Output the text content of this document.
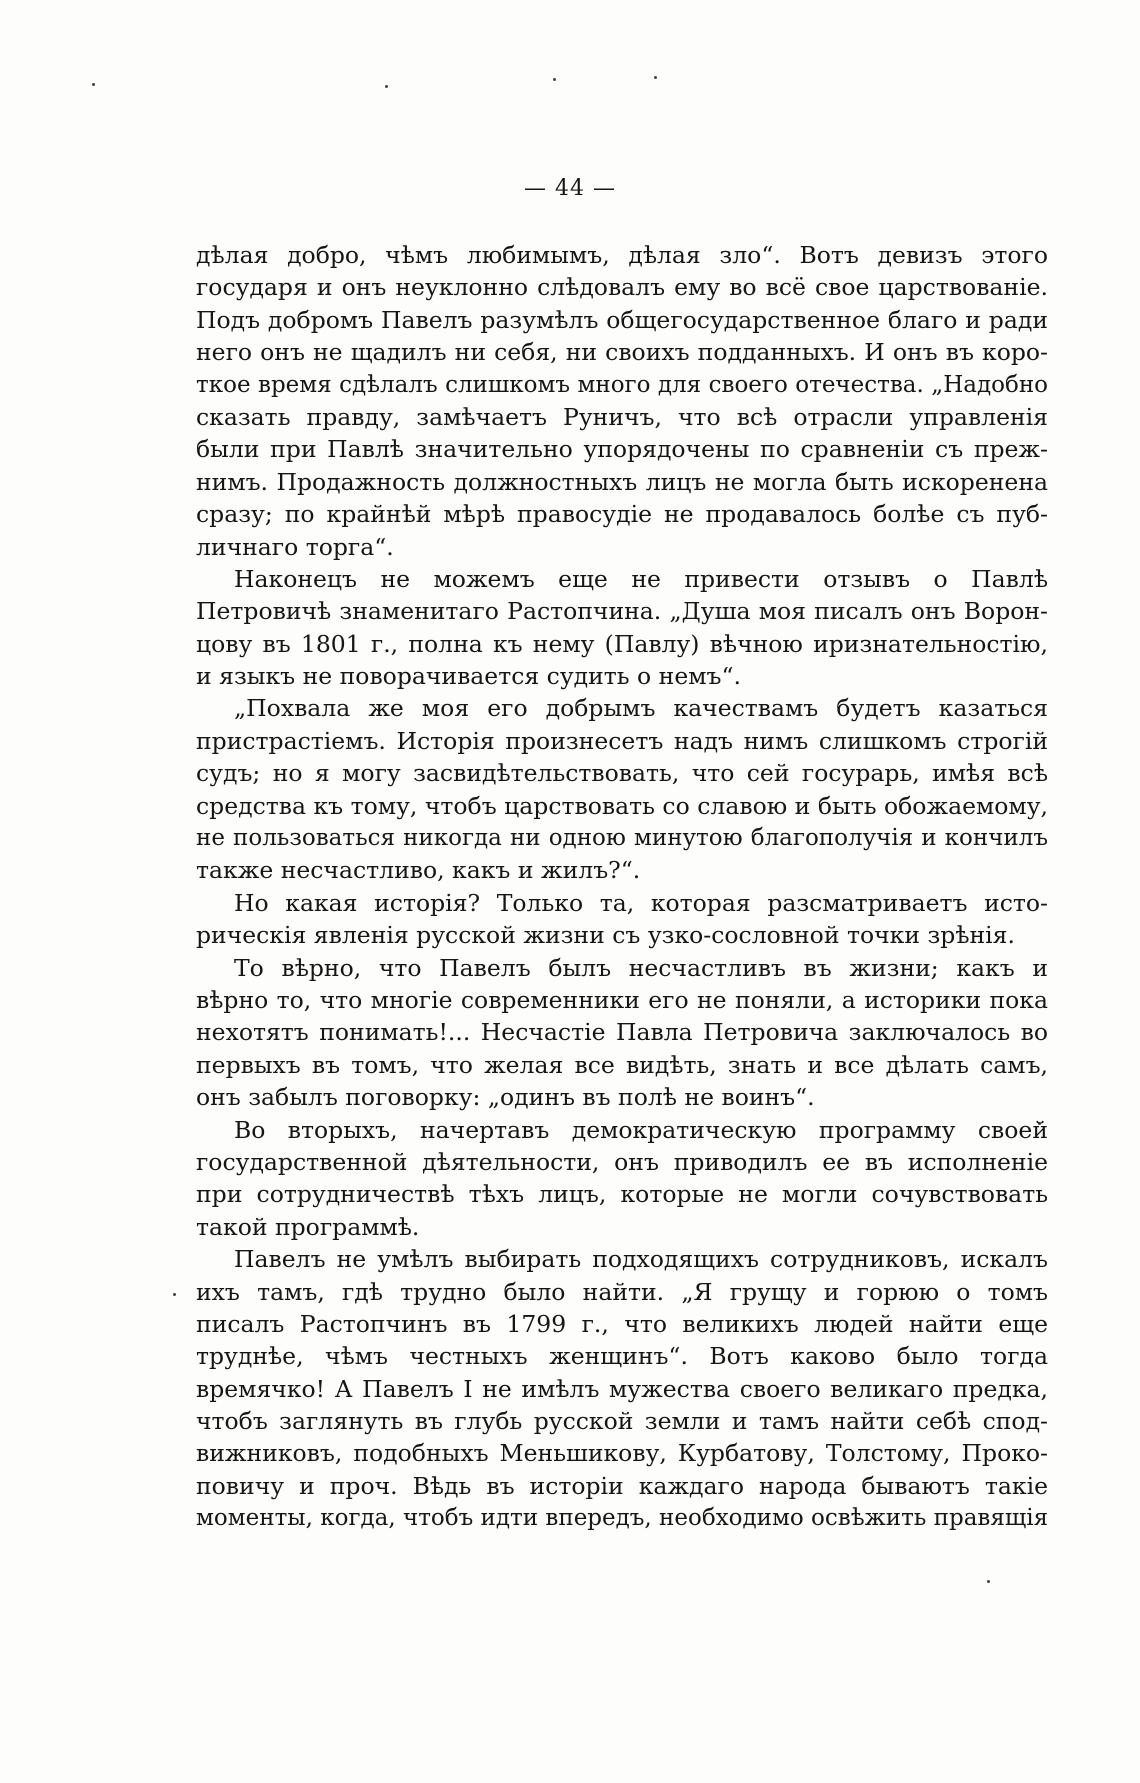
— 44 —
дѣлая добро, чѣмъ любимымъ, дѣлая зло“. Вотъ девизъ этого
государя и онъ неуклонно слѣдовалъ ему во всё свое царствованіе.
Подъ добромъ Павелъ разумѣлъ общегосударственное благо и ради
него онъ не щадилъ ни себя, ни своихъ подданныхъ. И онъ въ коро-
ткое время сдѣлалъ слишкомъ много для своего отечества. „Надобно
сказать правду, замѣчаетъ Руничъ, что всѣ отрасли управленія
были при Павлѣ значительно упорядочены по сравненіи съ преж-
нимъ. Продажность должностныхъ лицъ не могла быть искоренена
сразу; по крайнѣй мѣрѣ правосудіе не продавалось болѣе съ пуб-
личнаго торга“.
Наконецъ не можемъ еще не привести отзывъ о Павлѣ
Петровичѣ знаменитаго Растопчина. „Душа моя писалъ онъ Ворон-
цову въ 1801 г., полна къ нему (Павлу) вѣчною иризнательностію,
и языкъ не поворачивается судить о немъ“.
„Похвала же моя его добрымъ качествамъ будетъ казаться
пристрастіемъ. Исторія произнесетъ надъ нимъ слишкомъ строгій
судъ; но я могу засвидѣтельствовать, что сей госурарь, имѣя всѣ
средства къ тому, чтобъ царствовать со славою и быть обожаемому,
не пользоваться никогда ни одною минутою благополучія и кончилъ
также несчастливо, какъ и жилъ?“.
Но какая исторія? Только та, которая разсматриваетъ исто-
рическія явленія русской жизни съ узко-сословной точки зрѣнія.
То вѣрно, что Павелъ былъ несчастливъ въ жизни; какъ и
вѣрно то, что многіе современники его не поняли, а историки пока
нехотятъ понимать!... Несчастіе Павла Петровича заключалось во
первыхъ въ томъ, что желая все видѣть, знать и все дѣлать самъ,
онъ забылъ поговорку: „одинъ въ полѣ не воинъ“.
Во вторыхъ, начертавъ демократическую программу своей
государственной дѣятельности, онъ приводилъ ее въ исполненіе
при сотрудничествѣ тѣхъ лицъ, которые не могли сочувствовать
такой программѣ.
Павелъ не умѣлъ выбирать подходящихъ сотрудниковъ, искалъ
ихъ тамъ, гдѣ трудно было найти. „Я грущу и горюю о томъ
писалъ Растопчинъ въ 1799 г., что великихъ людей найти еще
труднѣе, чѣмъ честныхъ женщинъ“. Вотъ каково было тогда
времячко! А Павелъ I не имѣлъ мужества своего великаго предка,
чтобъ заглянуть въ глубь русской земли и тамъ найти себѣ спод-
вижниковъ, подобныхъ Меньшикову, Курбатову, Толстому, Проко-
повичу и проч. Вѣдь въ исторіи каждаго народа бываютъ такіе
моменты, когда, чтобъ идти впередъ, необходимо освѣжить правящія
